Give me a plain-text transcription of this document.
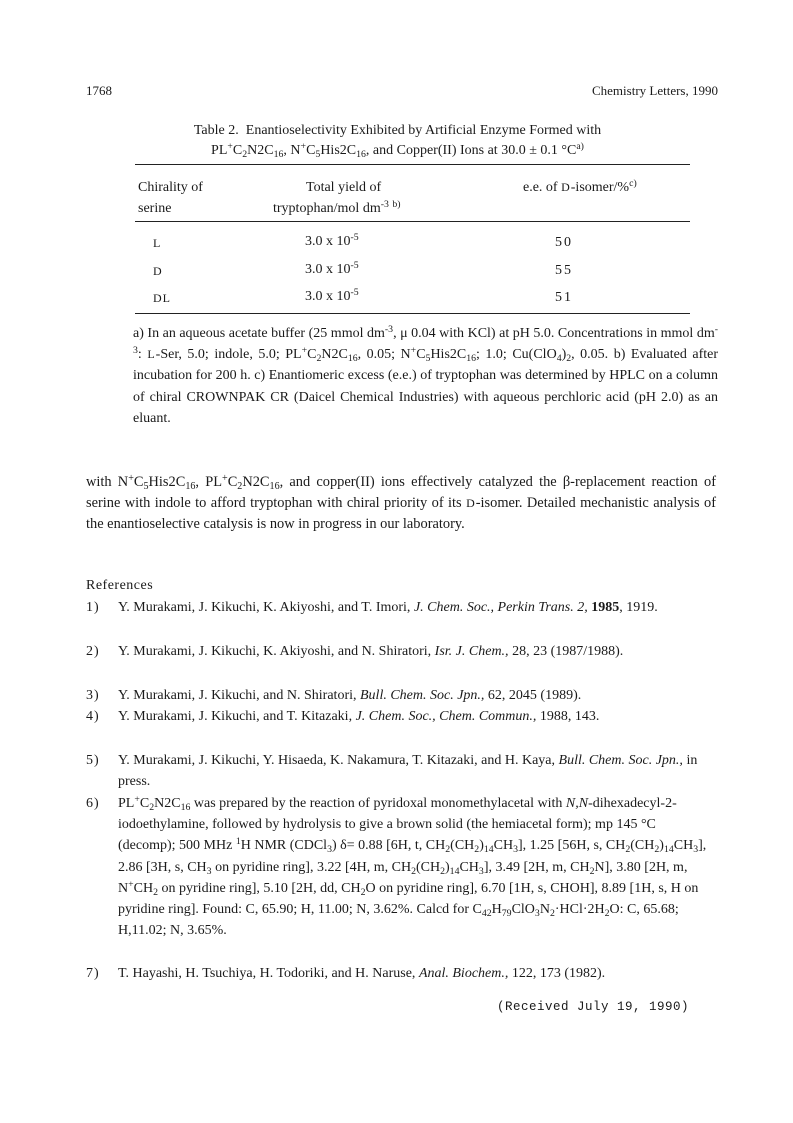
1768	Chemistry Letters, 1990
Table 2. Enantioselectivity Exhibited by Artificial Enzyme Formed with
$PL^+C_2N2C_{16}$, $N^+C_5His2C_{16}$, and Copper(II) Ions at 30.0 ± 0.1 $^\circ C^{a)}$
Chirality of
serine
Total yield of
tryptophan/mol $dm^{-3}$ $^{b)}$
e.e. of D-isomer/%$^{c)}$
L	3.0 x $10^{-5}$	50
D	3.0 x $10^{-5}$	55
DL	3.0 x $10^{-5}$	51
a) In an aqueous acetate buffer (25 mmol $dm^{-3}$, μ 0.04 with KCl) at pH 5.0. Concentrations in mmol $dm^{-3}$: L-Ser, 5.0; indole, 5.0; $PL^+C_2N2C_{16}$, 0.05; $N^+C_5His2C_{16}$; 1.0; $Cu(ClO_4)_2$, 0.05. b) Evaluated after incubation for 200 h. c) Enantiomeric excess (e.e.) of tryptophan was determined by HPLC on a column of chiral CROWNPAK CR (Daicel Chemical Industries) with aqueous perchloric acid (pH 2.0) as an eluant.
with $N^+C_5His2C_{16}$, $PL^+C_2N2C_{16}$, and copper(II) ions effectively catalyzed the β-replacement reaction of serine with indole to afford tryptophan with chiral priority of its D-isomer. Detailed mechanistic analysis of the enantioselective catalysis is now in progress in our laboratory.
References
1)	Y. Murakami, J. Kikuchi, K. Akiyoshi, and T. Imori, J. Chem. Soc., Perkin Trans. 2, 1985, 1919.
2)	Y. Murakami, J. Kikuchi, K. Akiyoshi, and N. Shiratori, Isr. J. Chem., 28, 23 (1987/1988).
3)	Y. Murakami, J. Kikuchi, and N. Shiratori, Bull. Chem. Soc. Jpn., 62, 2045 (1989).
4)	Y. Murakami, J. Kikuchi, and T. Kitazaki, J. Chem. Soc., Chem. Commun., 1988, 143.
5)	Y. Murakami, J. Kikuchi, Y. Hisaeda, K. Nakamura, T. Kitazaki, and H. Kaya, Bull. Chem. Soc. Jpn., in press.
6)	$PL^+C_2N2C_{16}$ was prepared by the reaction of pyridoxal monomethylacetal with N,N-dihexadecyl-2-iodoethylamine, followed by hydrolysis to give a brown solid (the hemiacetal form); mp 145 °C (decomp); 500 MHz $^1$H NMR (CDCl$_3$) δ= 0.88 [6H, t, $CH_2(CH_2)_{14}CH_3$], 1.25 [56H, s, $CH_2(CH_2)_{14}CH_3$], 2.86 [3H, s, $CH_3$ on pyridine ring], 3.22 [4H, m, $CH_2(CH_2)_{14}CH_3$], 3.49 [2H, m, $CH_2N$], 3.80 [2H, m, $N^+CH_2$ on pyridine ring], 5.10 [2H, dd, $CH_2O$ on pyridine ring], 6.70 [1H, s, CHOH], 8.89 [1H, s, H on pyridine ring]. Found: C, 65.90; H, 11.00; N, 3.62%. Calcd for $C_{42}H_{79}ClO_3N_2\cdot HCl\cdot 2H_2O$: C, 65.68; H,11.02; N, 3.65%.
7)	T. Hayashi, H. Tsuchiya, H. Todoriki, and H. Naruse, Anal. Biochem., 122, 173 (1982).
(Received July 19, 1990)
